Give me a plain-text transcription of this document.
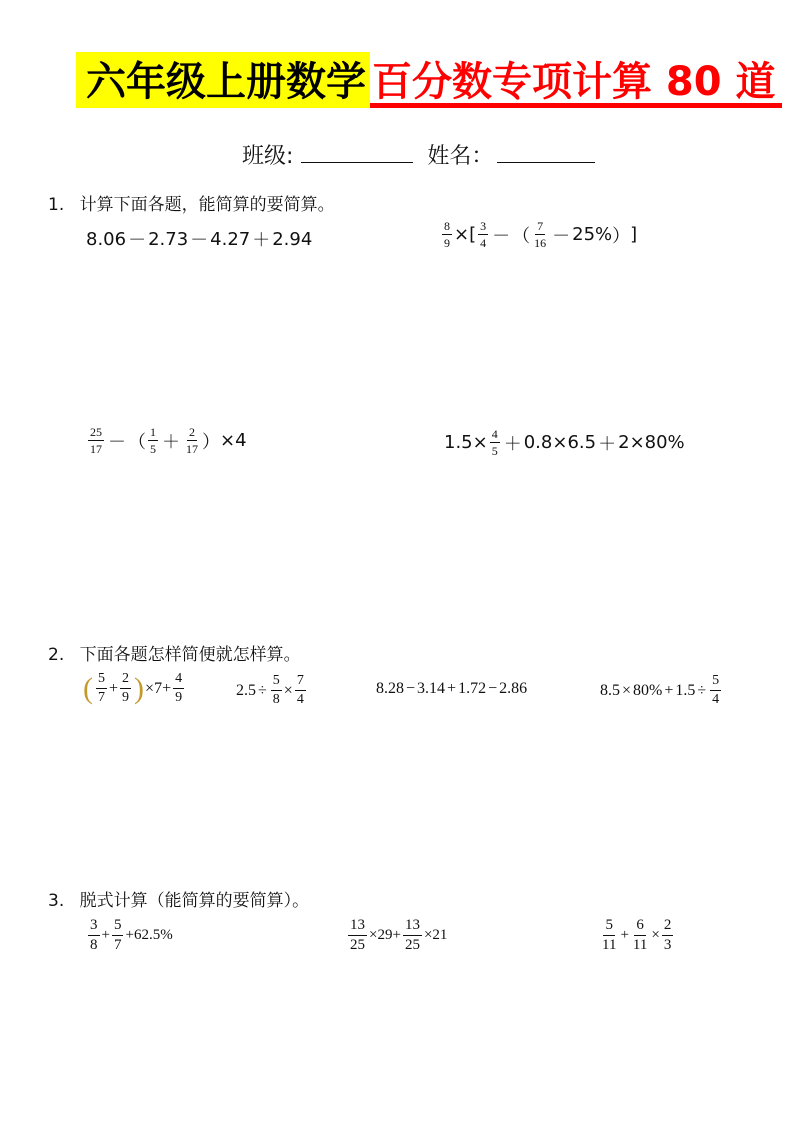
六年级上册数学 百分数专项计算 80 道
班级:	姓名：
1. 计算下面各题，能简算的要简算。
8.06 － 2.73 － 4.27 ＋ 2.94	$\frac{8}{9}$ × [ $\frac{3}{4}$ － （ $\frac{7}{16} - 25\%$ ） ]
$\frac{25}{17}$ － （ $\frac{1}{5} + \frac{2}{17}$ ） × 4	$1.5 \times \frac{4}{5} + 0.8 \times 6.5 + 2 \times 80\%$
2. 下面各题怎样简便就怎样算。
( $\frac{5}{7} + \frac{2}{9}$ ) × $7 + \frac{4}{9}$	$2.5 \div \frac{5}{8} \times \frac{7}{4}$	8.28 − 3.14 + 1.72 − 2.86	$8.5 \times 80\% + 1.5 \div \frac{5}{4}$
3. 脱式计算（能简算的要简算）。
$\frac{3}{8} + \frac{5}{7} + 62.5\%$	$\frac{13}{25} \times 29 + \frac{13}{25} \times 21$	$\frac{5}{11} + \frac{6}{11} \times \frac{2}{3}$
